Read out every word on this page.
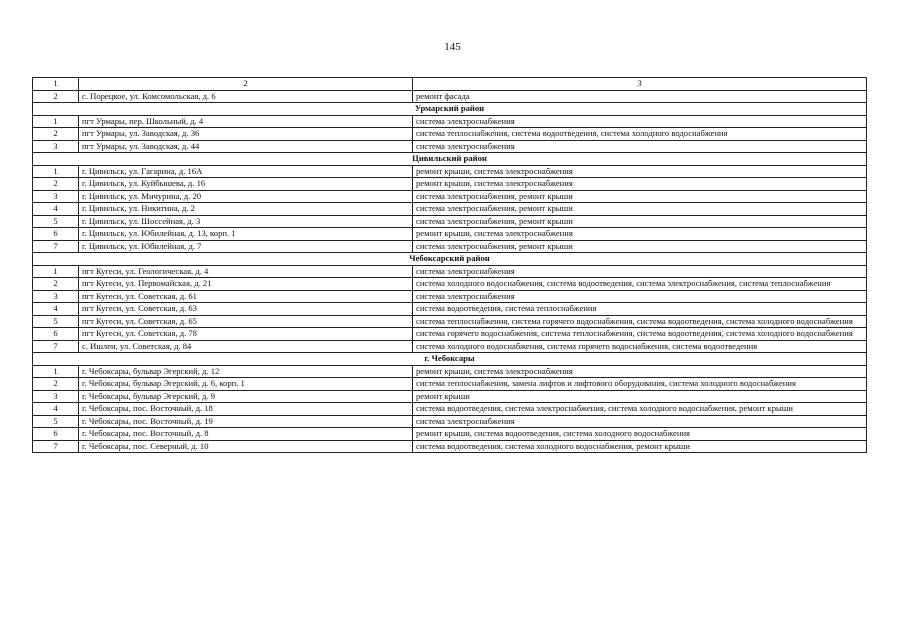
145
1	2	3
2	с. Порецкое, ул. Комсомольская, д. 6	ремонт фасада
Урмарский район		
1	пгт Урмары, пер. Школьный, д. 4	система электроснабжения
2	пгт Урмары, ул. Заводская, д. 36	система теплоснабжения, система водоотведения, система холодного водоснабжения
3	пгт Урмары, ул. Заводская, д. 44	система электроснабжения
Цивильский район		
1	г. Цивильск, ул. Гагарина, д. 16А	ремонт крыши, система электроснабжения
2	г. Цивильск, ул. Куйбышева, д. 16	ремонт крыши, система электроснабжения
3	г. Цивильск, ул. Мичурина, д. 20	система электроснабжения, ремонт крыши
4	г. Цивильск, ул. Никитина, д. 2	система электроснабжения, ремонт крыши
5	г. Цивильск, ул. Шоссейная, д. 3	система электроснабжения, ремонт крыши
6	г. Цивильск, ул. Юбилейная, д. 13, корп. 1	ремонт крыши, система электроснабжения
7	г. Цивильск, ул. Юбилейная, д. 7	система электроснабжения, ремонт крыши
Чебоксарский район		
1	пгт Кугеси, ул. Геологическая, д. 4	система электроснабжения
2	пгт Кугеси, ул. Первомайская, д. 21	система холодного водоснабжения, система водоотведения, система электроснабжения, система теплоснабжения
3	пгт Кугеси, ул. Советская, д. 61	система электроснабжения
4	пгт Кугеси, ул. Советская, д. 63	система водоотведения, система теплоснабжения
5	пгт Кугеси, ул. Советская, д. 65	система теплоснабжения, система горячего водоснабжения, система водоотведения, система холодного водоснабжения
6	пгт Кугеси, ул. Советская, д. 78	система горячего водоснабжения, система теплоснабжения, система водоотведения, система холодного водоснабжения
7	с. Ишлеи, ул. Советская, д. 84	система холодного водоснабжения, система горячего водоснабжения, система водоотведения
г. Чебоксары		
1	г. Чебоксары, бульвар Эгерский, д. 12	ремонт крыши, система электроснабжения
2	г. Чебоксары, бульвар Эгерский, д. 6, корп. 1	система теплоснабжения, замена лифтов и лифтового оборудования, система холодного водоснабжения
3	г. Чебоксары, бульвар Эгерский, д. 9	ремонт крыши
4	г. Чебоксары, пос. Восточный, д. 18	система водоотведения, система электроснабжения, система холодного водоснабжения, ремонт крыши
5	г. Чебоксары, пос. Восточный, д. 19	система электроснабжения
6	г. Чебоксары, пос. Восточный, д. 8	ремонт крыши, система водоотведения, система холодного водоснабжения
7	г. Чебоксары, пос. Северный, д. 10	система водоотведения, система холодного водоснабжения, ремонт крыши
